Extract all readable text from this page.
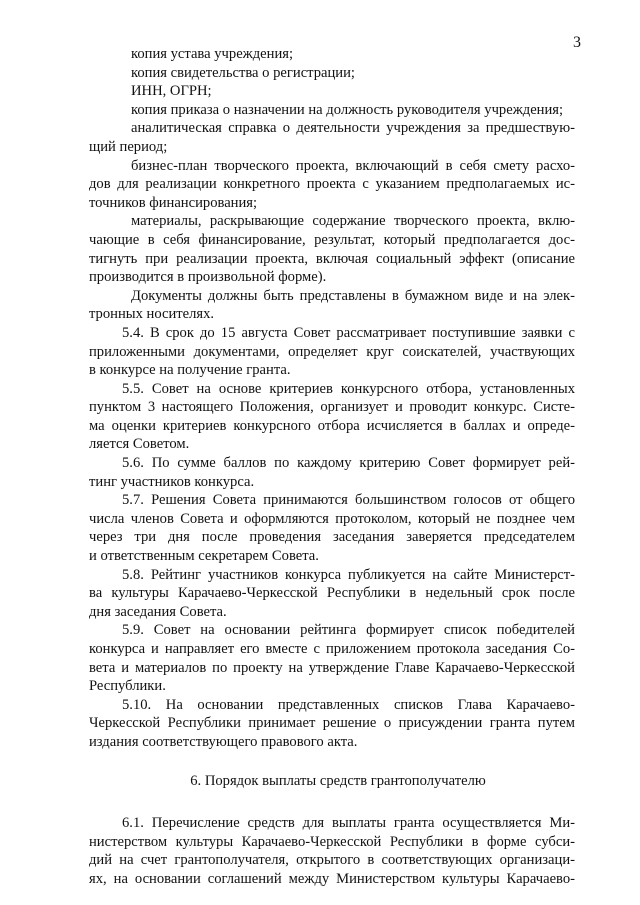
3
копия устава учреждения;
копия свидетельства о регистрации;
ИНН, ОГРН;
копия приказа о назначении на должность руководителя учреждения;
аналитическая справка о деятельности учреждения за предшествую-
щий период;
бизнес-план творческого проекта, включающий в себя смету расхо-
дов для реализации конкретного проекта с указанием предполагаемых ис-
точников финансирования;
материалы, раскрывающие содержание творческого проекта, вклю-
чающие в себя финансирование, результат, который предполагается дос-
тигнуть при реализации проекта, включая социальный эффект (описание
производится в произвольной форме).
Документы должны быть представлены в бумажном виде и на элек-
тронных носителях.
5.4. В срок до 15 августа Совет рассматривает поступившие заявки с
приложенными документами, определяет круг соискателей, участвующих
в конкурсе на получение гранта.
5.5. Совет на основе критериев конкурсного отбора, установленных
пунктом 3 настоящего Положения, организует и проводит конкурс. Систе-
ма оценки критериев конкурсного отбора исчисляется в баллах и опреде-
ляется Советом.
5.6. По сумме баллов по каждому критерию Совет формирует рей-
тинг участников конкурса.
5.7. Решения Совета принимаются большинством голосов от общего
числа членов Совета и оформляются протоколом, который не позднее чем
через три дня после проведения заседания заверяется председателем
и ответственным секретарем Совета.
5.8. Рейтинг участников конкурса публикуется на сайте Министерст-
ва культуры Карачаево-Черкесской Республики в недельный срок после
дня заседания Совета.
5.9. Совет на основании рейтинга формирует список победителей
конкурса и направляет его вместе с приложением протокола заседания Со-
вета и материалов по проекту на утверждение Главе Карачаево-Черкесской
Республики.
5.10. На основании представленных списков Глава Карачаево-
Черкесской Республики принимает решение о присуждении гранта путем
издания соответствующего правового акта.
6. Порядок выплаты средств грантополучателю
6.1. Перечисление средств для выплаты гранта осуществляется Ми-
нистерством культуры Карачаево-Черкесской Республики в форме субси-
дий на счет грантополучателя, открытого в соответствующих организаци-
ях, на основании соглашений между Министерством культуры Карачаево-
